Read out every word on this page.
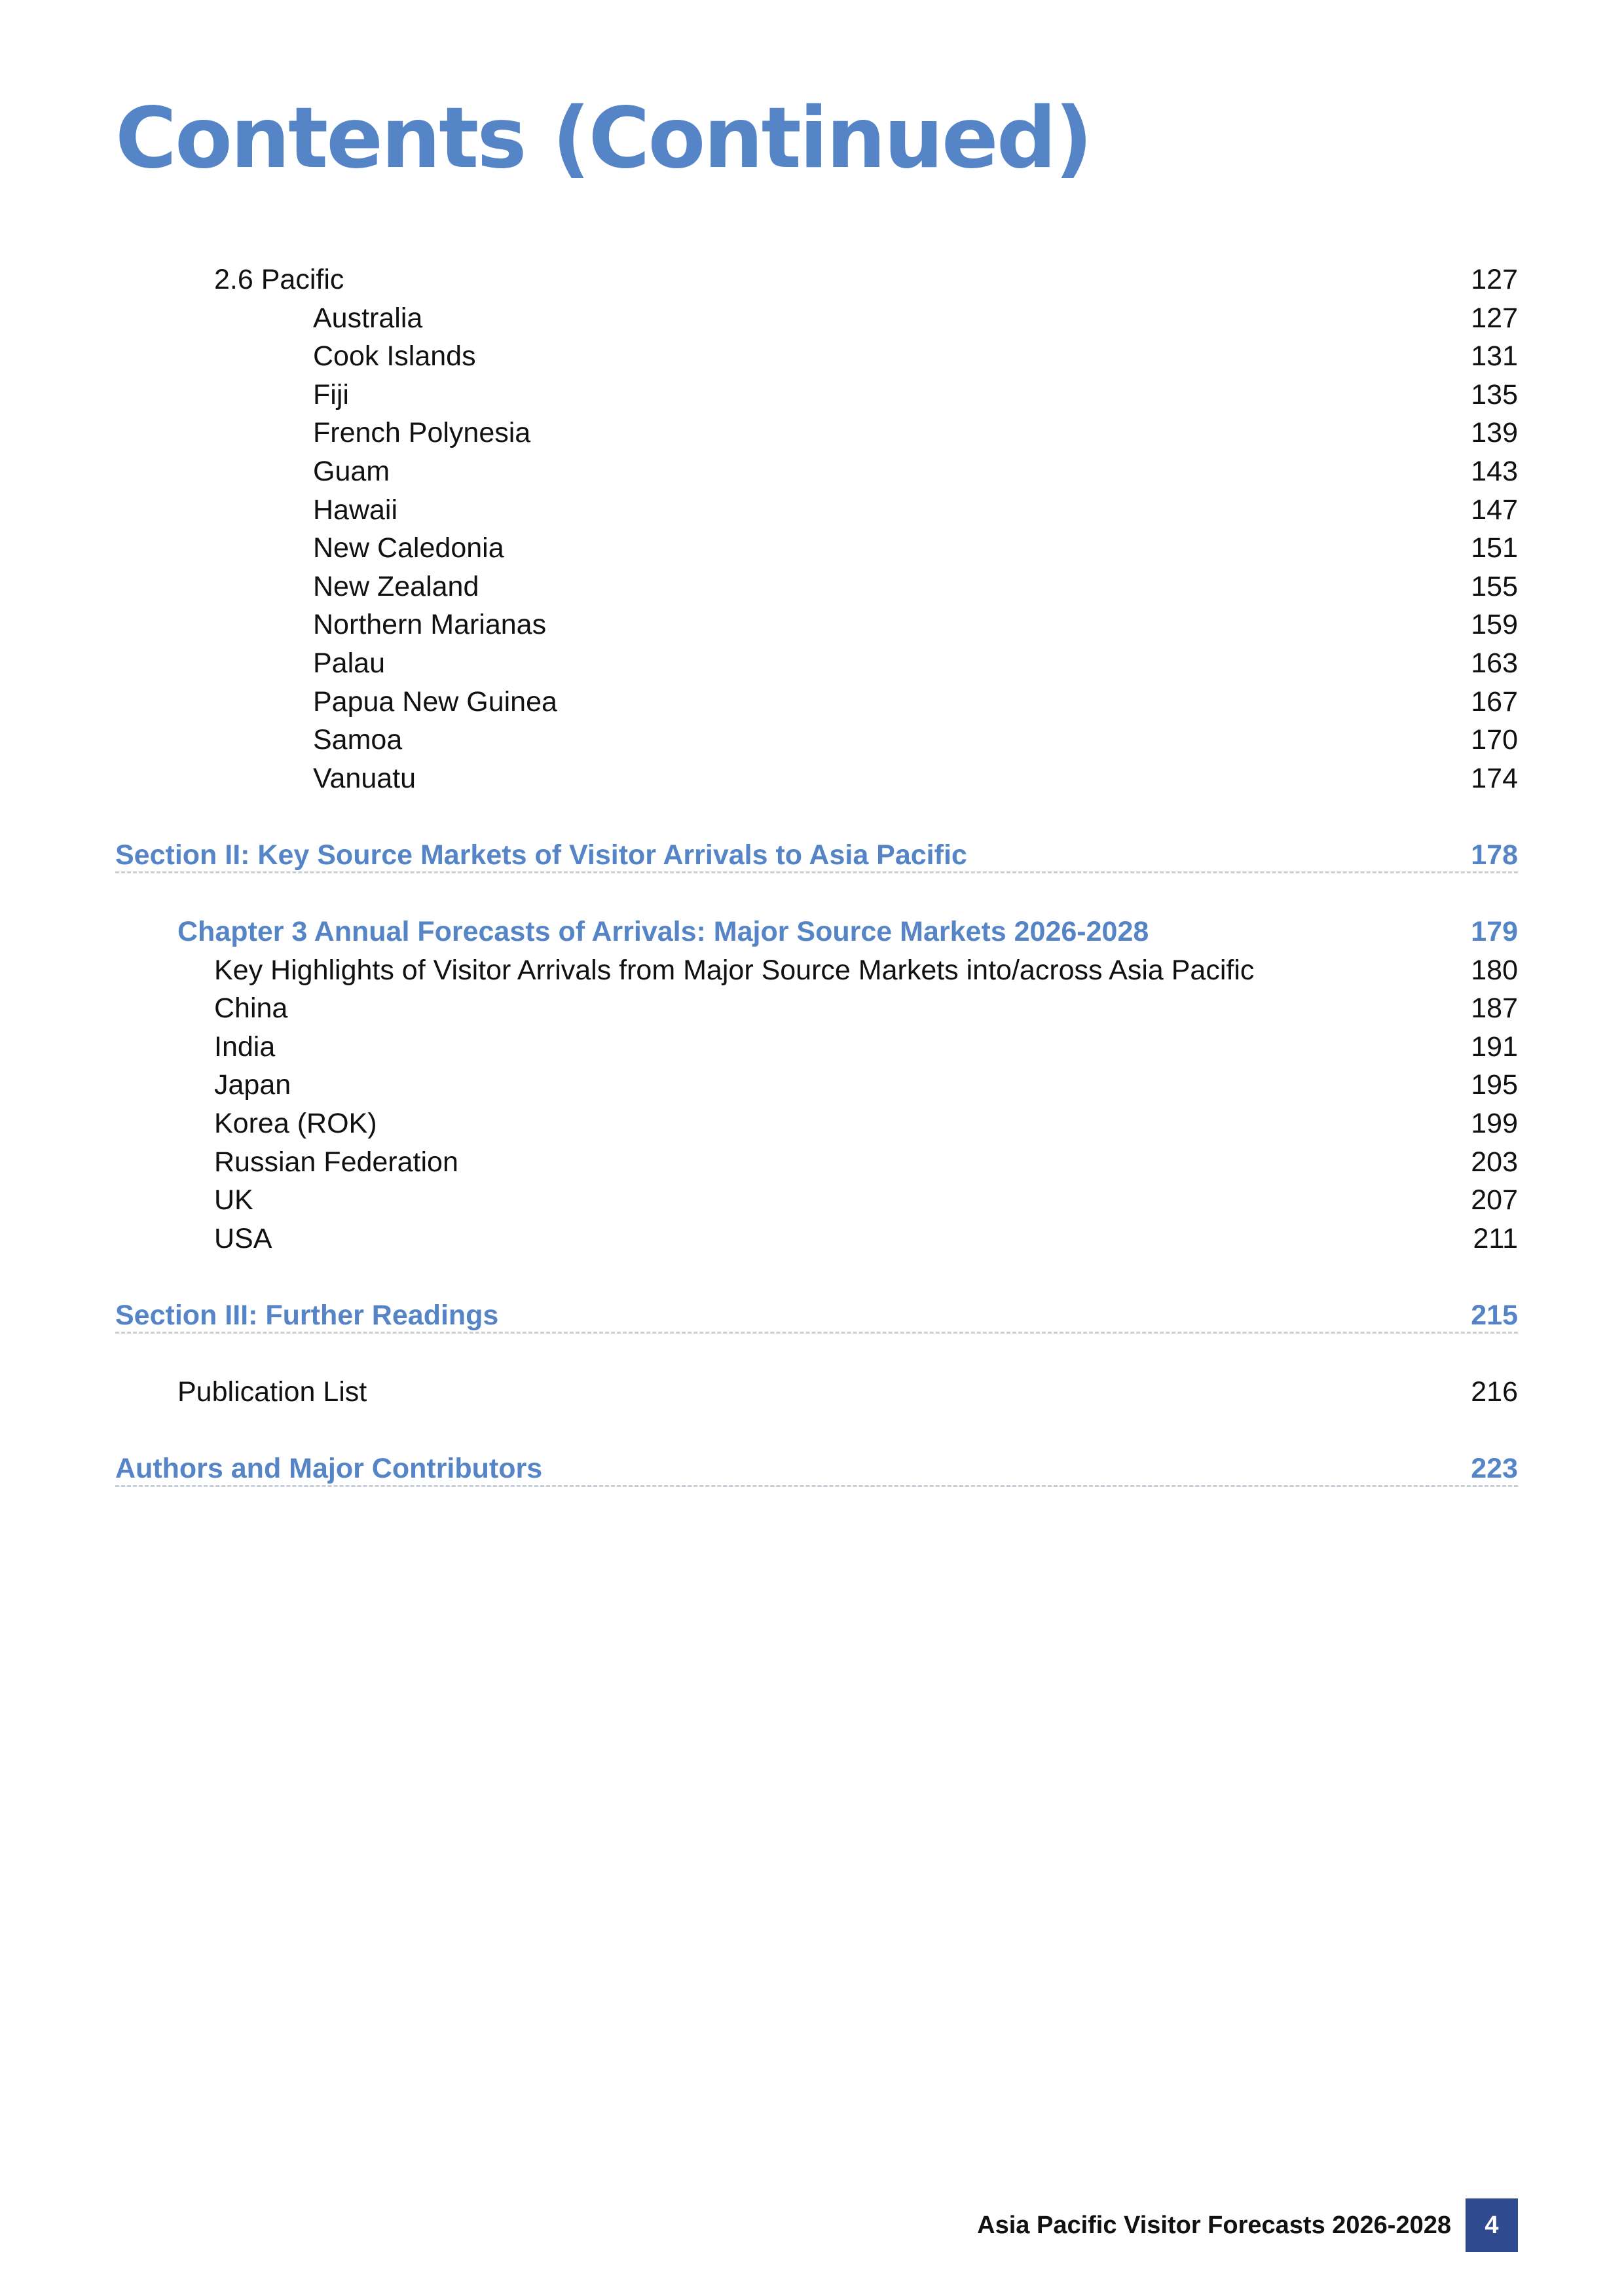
Contents (Continued)
2.6 Pacific	127
Australia	127
Cook Islands	131
Fiji	135
French Polynesia	139
Guam	143
Hawaii	147
New Caledonia	151
New Zealand	155
Northern Marianas	159
Palau	163
Papua New Guinea	167
Samoa	170
Vanuatu	174
Section II: Key Source Markets of Visitor Arrivals to Asia Pacific	178
Chapter 3 Annual Forecasts of Arrivals: Major Source Markets 2026-2028	179
Key Highlights of Visitor Arrivals from Major Source Markets into/across Asia Pacific	180
China	187
India	191
Japan	195
Korea (ROK)	199
Russian Federation	203
UK	207
USA	211
Section III: Further Readings	215
Publication List	216
Authors and Major Contributors	223
Asia Pacific Visitor Forecasts 2026-2028	4
